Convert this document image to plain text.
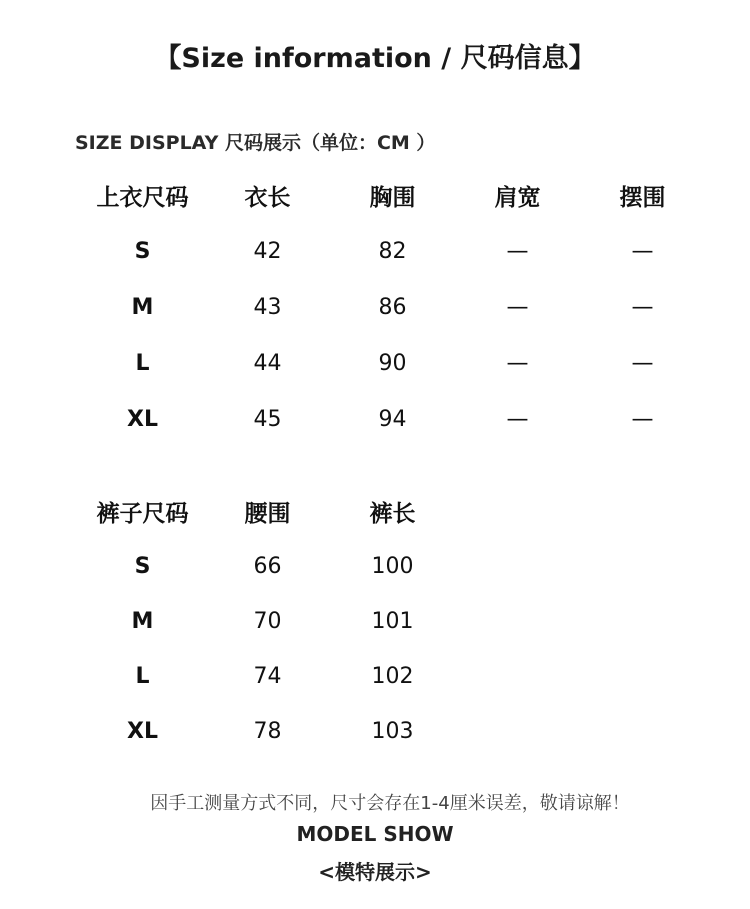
【Size information / 尺码信息】
SIZE DISPLAY 尺码展示（单位：CM ）
上衣尺码	衣长	胸围	肩宽	摆围
S	42	82	—	—
M	43	86	—	—
L	44	90	—	—
XL	45	94	—	—
裤子尺码	腰围	裤长
S	66	100
M	70	101
L	74	102
XL	78	103
因手工测量方式不同，尺寸会存在1-4厘米误差，敬请谅解！
MODEL SHOW
<模特展示>
